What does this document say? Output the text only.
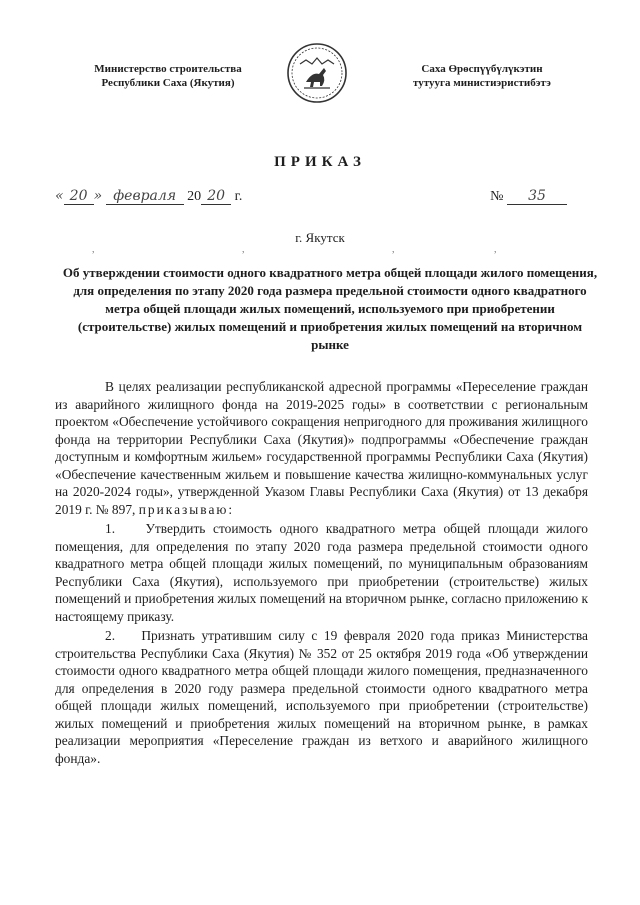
Министерство строительства
Республики Саха (Якутия)
Саха Өрөспүүбүлүкэтин
тутууга министиэристибэтэ
ПРИКАЗ
« 20 » февраля 20 20 г.	№ 35
г. Якутск
,	,	,	,
Об утверждении стоимости одного квадратного метра общей площади жилого помещения, для определения по этапу 2020 года размера предельной стоимости одного квадратного метра общей площади жилых помещений, используемого при приобретении (строительстве) жилых помещений и приобретения жилых помещений на вторичном рынке

В целях реализации республиканской адресной программы «Переселение граждан из аварийного жилищного фонда на 2019-2025 годы» в соответствии с региональным проектом «Обеспечение устойчивого сокращения непригодного для проживания жилищного фонда на территории Республики Саха (Якутия)» подпрограммы «Обеспечение граждан доступным и комфортным жильем» государственной программы Республики Саха (Якутия) «Обеспечение качественным жильем и повышение качества жилищно-коммунальных услуг на 2020-2024 годы», утвержденной Указом Главы Республики Саха (Якутия) от 13 декабря 2019 г. № 897, приказываю:

1. Утвердить стоимость одного квадратного метра общей площади жилого помещения, для определения по этапу 2020 года размера предельной стоимости одного квадратного метра общей площади жилых помещений, по муниципальным образованиям Республики Саха (Якутия), используемого при приобретении (строительстве) жилых помещений и приобретения жилых помещений на вторичном рынке, согласно приложению к настоящему приказу.

2. Признать утратившим силу с 19 февраля 2020 года приказ Министерства строительства Республики Саха (Якутия) № 352 от 25 октября 2019 года «Об утверждении стоимости одного квадратного метра общей площади жилого помещения, предназначенного для определения в 2020 году размера предельной стоимости одного квадратного метра общей площади жилых помещений, используемого при приобретении (строительстве) жилых помещений и приобретения жилых помещений на вторичном рынке, в рамках реализации мероприятия «Переселение граждан из ветхого и аварийного жилищного фонда».
